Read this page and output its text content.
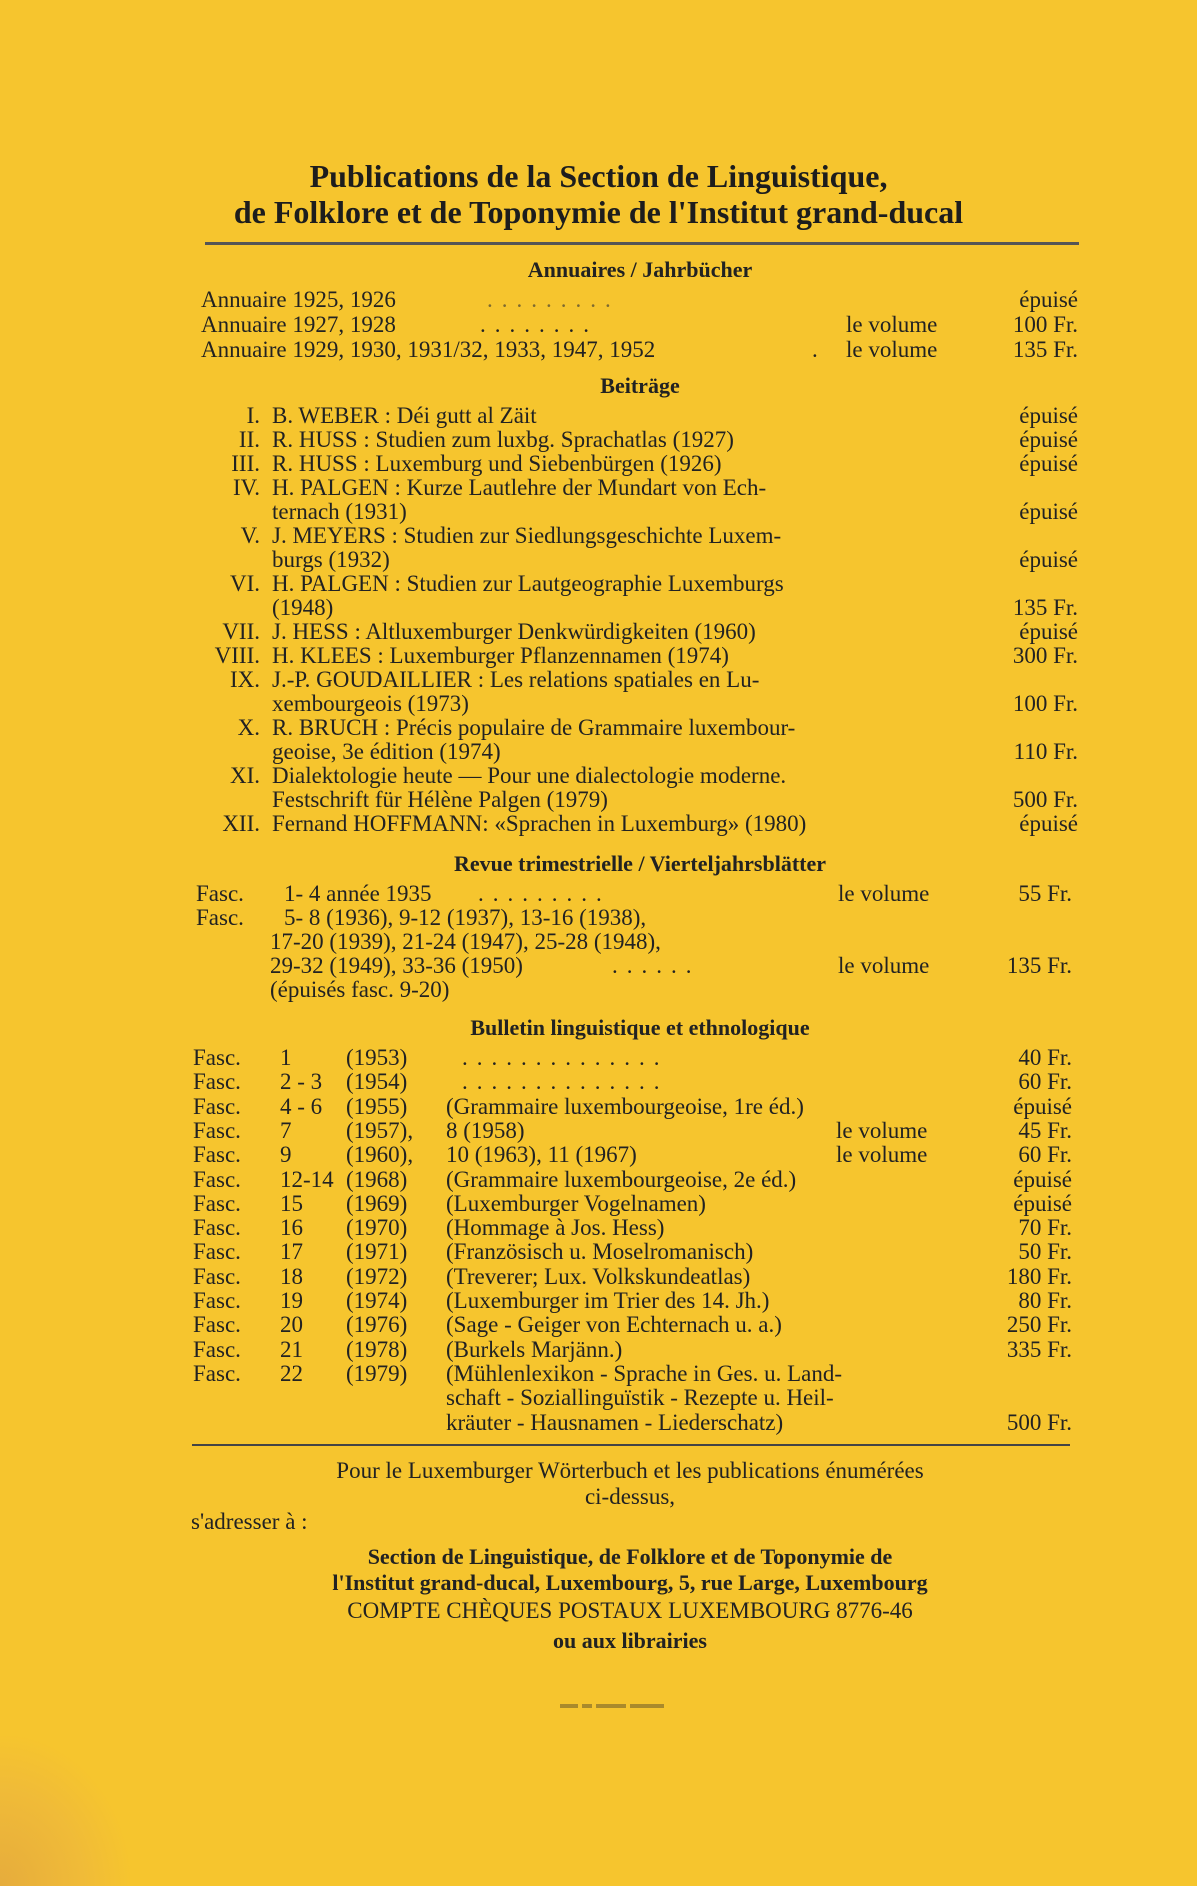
Publications de la Section de Linguistique,
de Folklore et de Toponymie de l'Institut grand-ducal
Annuaires / Jahrbücher
Annuaire 1925, 1926	.........	épuisé
Annuaire 1927, 1928	........	le volume	100 Fr.
Annuaire 1929, 1930, 1931/32, 1933, 1947, 1952	. le volume	135 Fr.
Beiträge
I. B. WEBER : Déi gutt al Zäit	épuisé
II. R. HUSS : Studien zum luxbg. Sprachatlas (1927)	épuisé
III. R. HUSS : Luxemburg und Siebenbürgen (1926)	épuisé
IV. H. PALGEN : Kurze Lautlehre der Mundart von Ech-
ternach (1931)	épuisé
V. J. MEYERS : Studien zur Siedlungsgeschichte Luxem-
burgs (1932)	épuisé
VI. H. PALGEN : Studien zur Lautgeographie Luxemburgs
(1948)	135 Fr.
VII. J. HESS : Altluxemburger Denkwürdigkeiten (1960)	épuisé
VIII. H. KLEES : Luxemburger Pflanzennamen (1974)	300 Fr.
IX. J.-P. GOUDAILLIER : Les relations spatiales en Lu-
xembourgeois (1973)	100 Fr.
X. R. BRUCH : Précis populaire de Grammaire luxembour-
geoise, 3e édition (1974)	110 Fr.
XI. Dialektologie heute — Pour une dialectologie moderne.
Festschrift für Hélène Palgen (1979)	500 Fr.
XII. Fernand HOFFMANN: «Sprachen in Luxemburg» (1980)	épuisé
Revue trimestrielle / Vierteljahrsblätter
Fasc. 1- 4 année 1935 .........	le volume	55 Fr.
Fasc. 5- 8 (1936), 9-12 (1937), 13-16 (1938),
17-20 (1939), 21-24 (1947), 25-28 (1948),
29-32 (1949), 33-36 (1950)	......	le volume	135 Fr.
(épuisés fasc. 9-20)
Bulletin linguistique et ethnologique
Fasc. 1 (1953) ..............	40 Fr.
Fasc. 2 - 3 (1954) ..............	60 Fr.
Fasc. 4 - 6 (1955) (Grammaire luxembourgeoise, 1re éd.)	épuisé
Fasc. 7 (1957), 8 (1958)	le volume	45 Fr.
Fasc. 9 (1960), 10 (1963), 11 (1967)	le volume	60 Fr.
Fasc. 12-14 (1968) (Grammaire luxembourgeoise, 2e éd.)	épuisé
Fasc. 15 (1969) (Luxemburger Vogelnamen)	épuisé
Fasc. 16 (1970) (Hommage à Jos. Hess)	70 Fr.
Fasc. 17 (1971) (Französisch u. Moselromanisch)	50 Fr.
Fasc. 18 (1972) (Treverer; Lux. Volkskundeatlas)	180 Fr.
Fasc. 19 (1974) (Luxemburger im Trier des 14. Jh.)	80 Fr.
Fasc. 20 (1976) (Sage - Geiger von Echternach u. a.)	250 Fr.
Fasc. 21 (1978) (Burkels Marjänn.)	335 Fr.
Fasc. 22 (1979) (Mühlenlexikon - Sprache in Ges. u. Land-
schaft - Soziallinguïstik - Rezepte u. Heil-
kräuter - Hausnamen - Liederschatz)	500 Fr.
Pour le Luxemburger Wörterbuch et les publications énumérées
ci-dessus,
s'adresser à :
Section de Linguistique, de Folklore et de Toponymie de
l'Institut grand-ducal, Luxembourg, 5, rue Large, Luxembourg
COMPTE CHÈQUES POSTAUX LUXEMBOURG 8776-46
ou aux librairies
